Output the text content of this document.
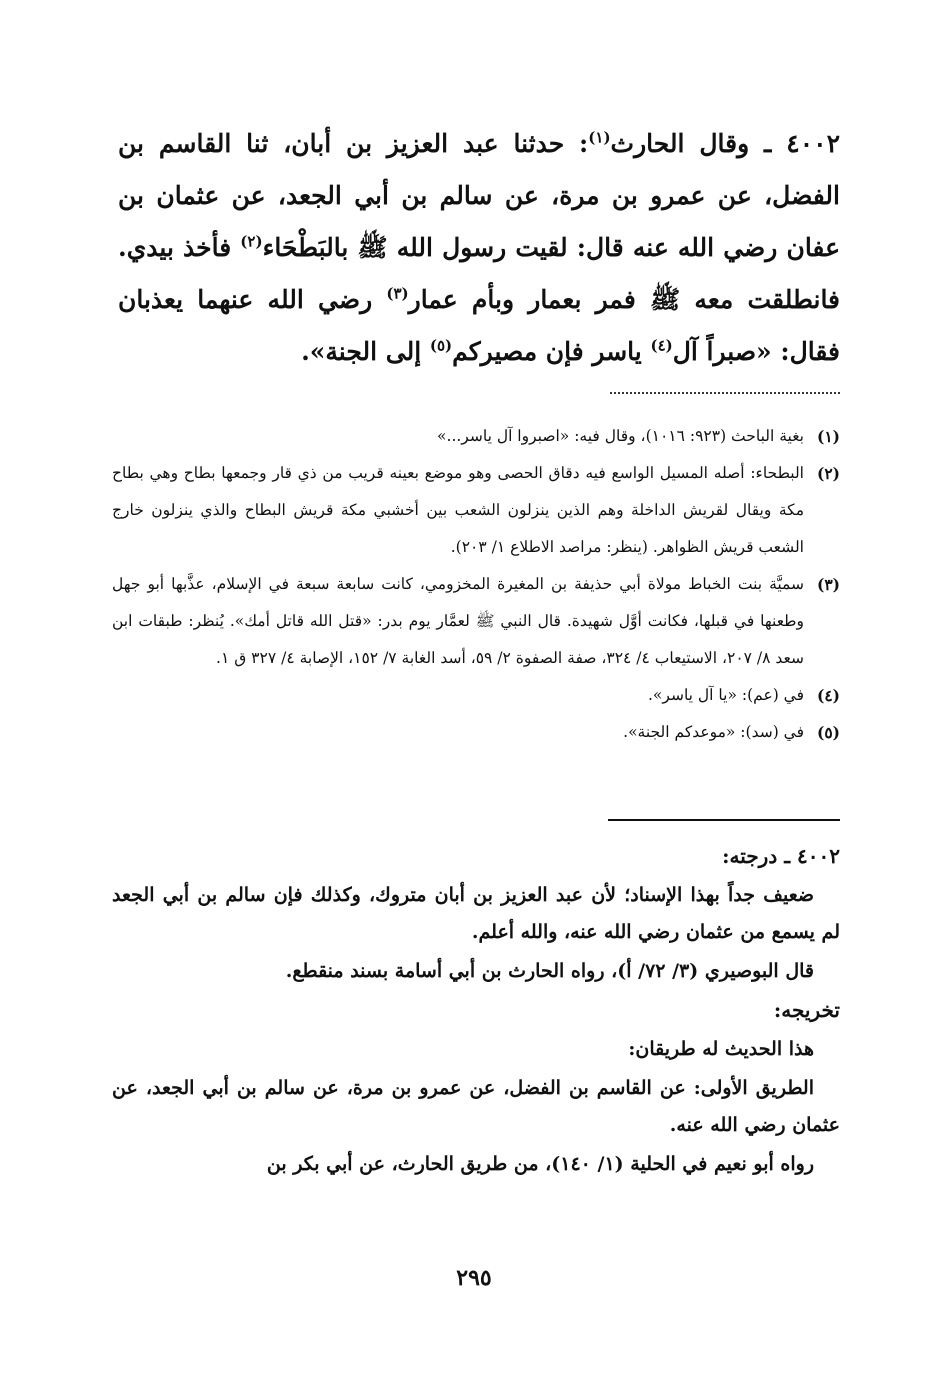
٤٠٠٢ ـ وقال الحارث$^{(١)}$: حدثنا عبد العزيز بن أبان، ثنا القاسم بن الفضل، عن عمرو بن مرة، عن سالم بن أبي الجعد، عن عثمان بن عفان رضي الله عنه قال: لقيت رسول الله ﷺ بالبَطْحَاء$^{(٢)}$ فأخذ بيدي. فانطلقت معه ﷺ فمر بعمار وبأم عمار$^{(٣)}$ رضي الله عنهما يعذبان فقال: «صبراً آل$^{(٤)}$ ياسر فإن مصيركم$^{(٥)}$ إلى الجنة».

(١)
بغية الباحث (٩٢٣: ١٠١٦)، وقال فيه: «اصبروا آل ياسر...»
(٢)
البطحاء: أصله المسيل الواسع فيه دقاق الحصى وهو موضع بعينه قريب من ذي قار وجمعها بطاح وهي بطاح مكة ويقال لقريش الداخلة وهم الذين ينزلون الشعب بين أخشبي مكة قريش البطاح والذي ينزلون خارج الشعب قريش الظواهر. (ينظر: مراصد الاطلاع ١/ ٢٠٣).
(٣)
سميَّة بنت الخباط مولاة أبي حذيفة بن المغيرة المخزومي، كانت سابعة سبعة في الإسلام، عذَّبها أبو جهل وطعنها في قبلها، فكانت أوَّل شهيدة. قال النبي ﷺ لعمَّار يوم بدر: «قتل الله قاتل أمك». يُنظر: طبقات ابن سعد ٨/ ٢٠٧، الاستيعاب ٤/ ٣٢٤، صفة الصفوة ٢/ ٥٩، أسد الغابة ٧/ ١٥٢، الإصابة ٤/ ٣٢٧ ق ١.
(٤)
في (عم): «يا آل ياسر».
(٥)
في (سد): «موعدكم الجنة».

٤٠٠٢ ـ درجته:

ضعيف جداً بهذا الإسناد؛ لأن عبد العزيز بن أبان متروك، وكذلك فإن سالم بن أبي الجعد لم يسمع من عثمان رضي الله عنه، والله أعلم.

قال البوصيري (٣/ ٧٢/ أ)، رواه الحارث بن أبي أسامة بسند منقطع.

تخريجه:

هذا الحديث له طريقان:

الطريق الأولى: عن القاسم بن الفضل، عن عمرو بن مرة، عن سالم بن أبي الجعد، عن عثمان رضي الله عنه.

رواه أبو نعيم في الحلية (١/ ١٤٠)، من طريق الحارث، عن أبي بكر بن

٢٩٥
